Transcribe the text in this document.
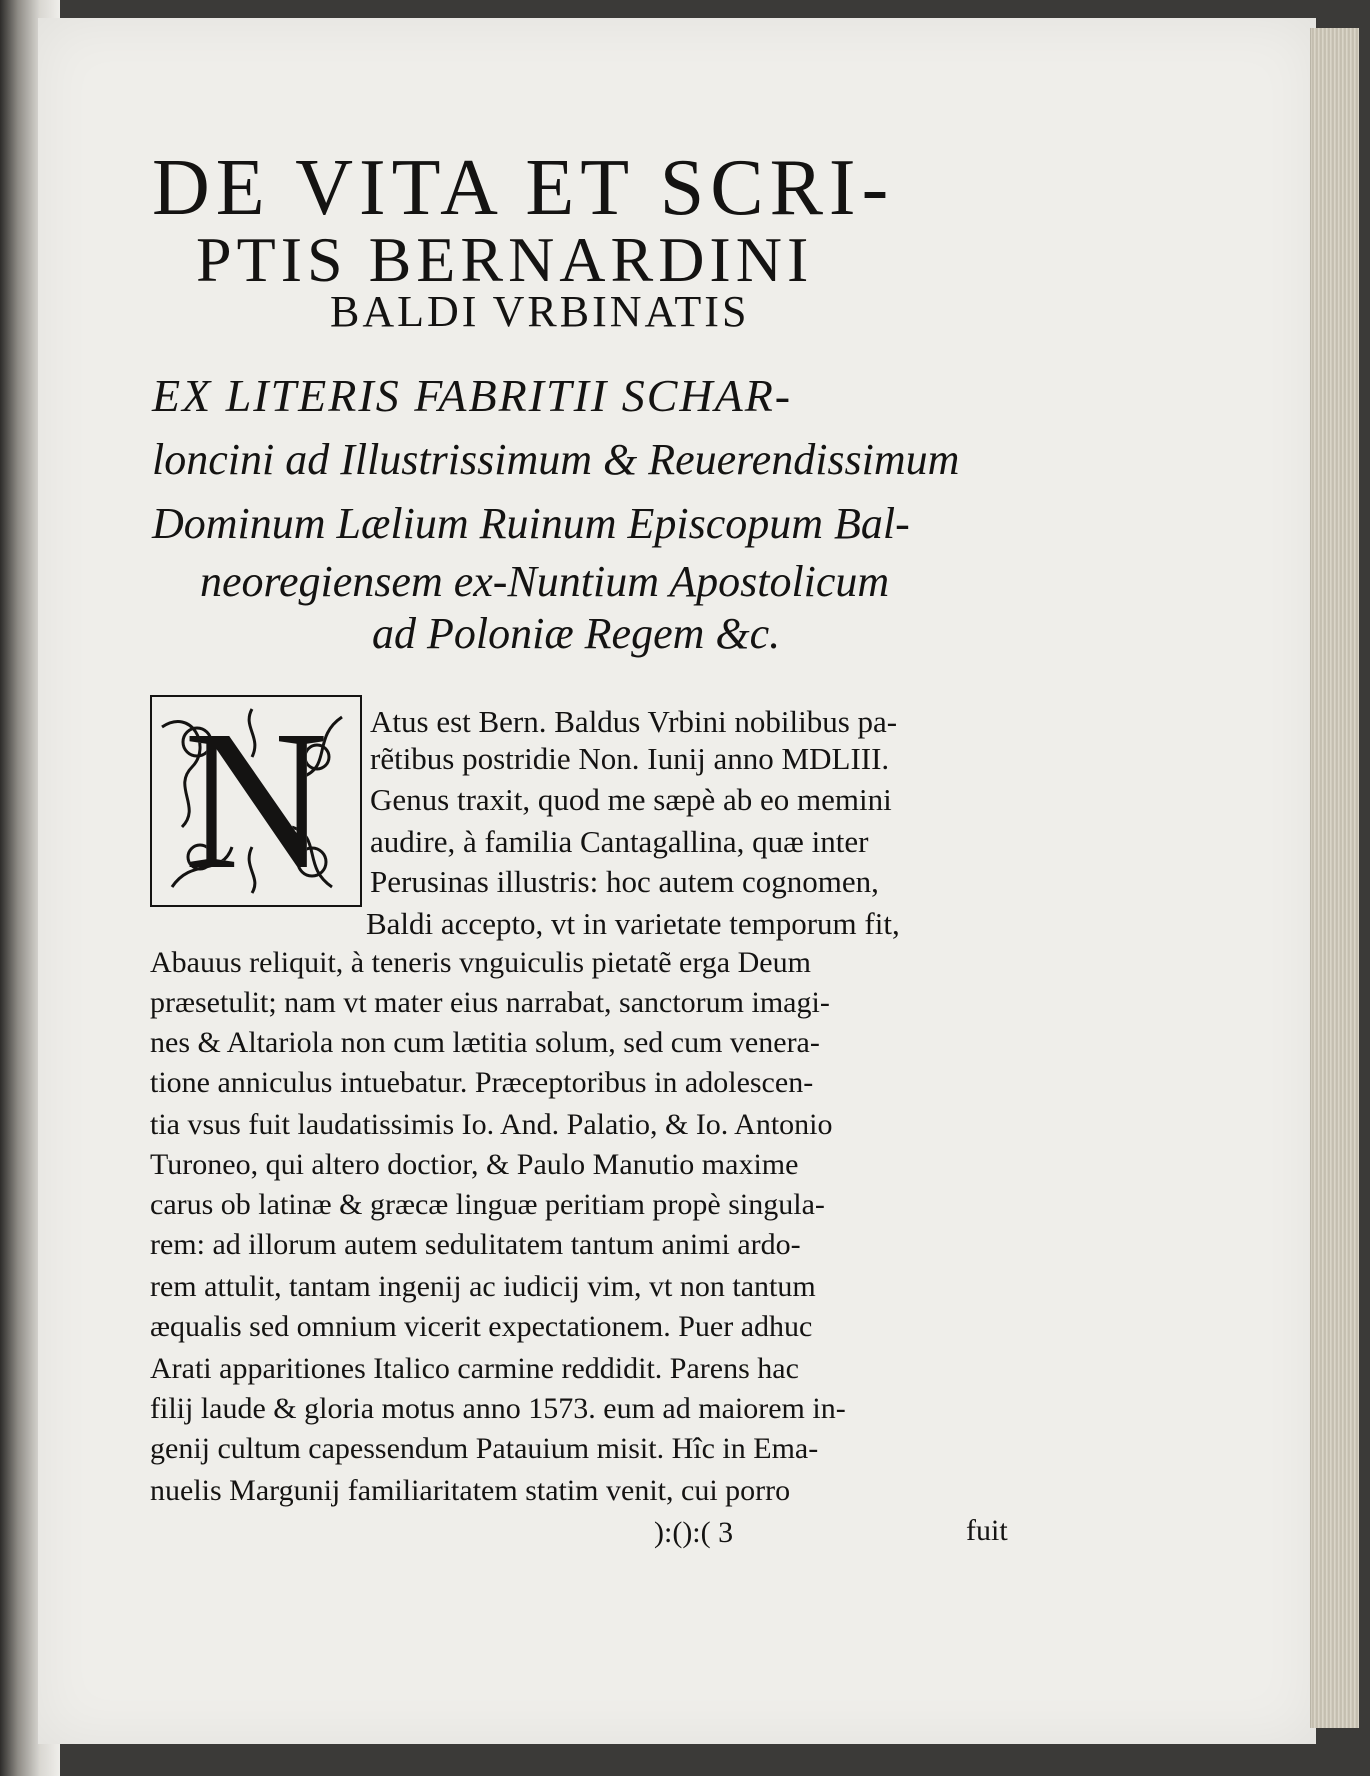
DE VITA ET SCRI-
PTIS BERNARDINI
BALDI VRBINATIS
EX LITERIS FABRITII SCHAR-
loncini ad Illustrissimum & Reuerendissimum
Dominum Lælium Ruinum Episcopum Bal-
neoregiensem ex-Nuntium Apostolicum
ad Poloniæ Regem &c.
N	Atus est Bern. Baldus Vrbini nobilibus pa-
rẽtibus postridie Non. Iunij anno MDLIII.
Genus traxit, quod me sæpè ab eo memini
audire, à familia Cantagallina, quæ inter
Perusinas illustris: hoc autem cognomen,
Baldi accepto, vt in varietate temporum fit,
Abauus reliquit, à teneris vnguiculis pietatẽ erga Deum
præsetulit; nam vt mater eius narrabat, sanctorum imagi-
nes & Altariola non cum lætitia solum, sed cum venera-
tione anniculus intuebatur. Præceptoribus in adolescen-
tia vsus fuit laudatissimis Io. And. Palatio, & Io. Antonio
Turoneo, qui altero doctior, & Paulo Manutio maxime
carus ob latinæ & græcæ linguæ peritiam propè singula-
rem: ad illorum autem sedulitatem tantum animi ardo-
rem attulit, tantam ingenij ac iudicij vim, vt non tantum
æqualis sed omnium vicerit expectationem. Puer adhuc
Arati apparitiones Italico carmine reddidit. Parens hac
filij laude & gloria motus anno 1573. eum ad maiorem in-
genij cultum capessendum Patauium misit. Hîc in Ema-
nuelis Margunij familiaritatem statim venit, cui porro
):():( 3	fuit
